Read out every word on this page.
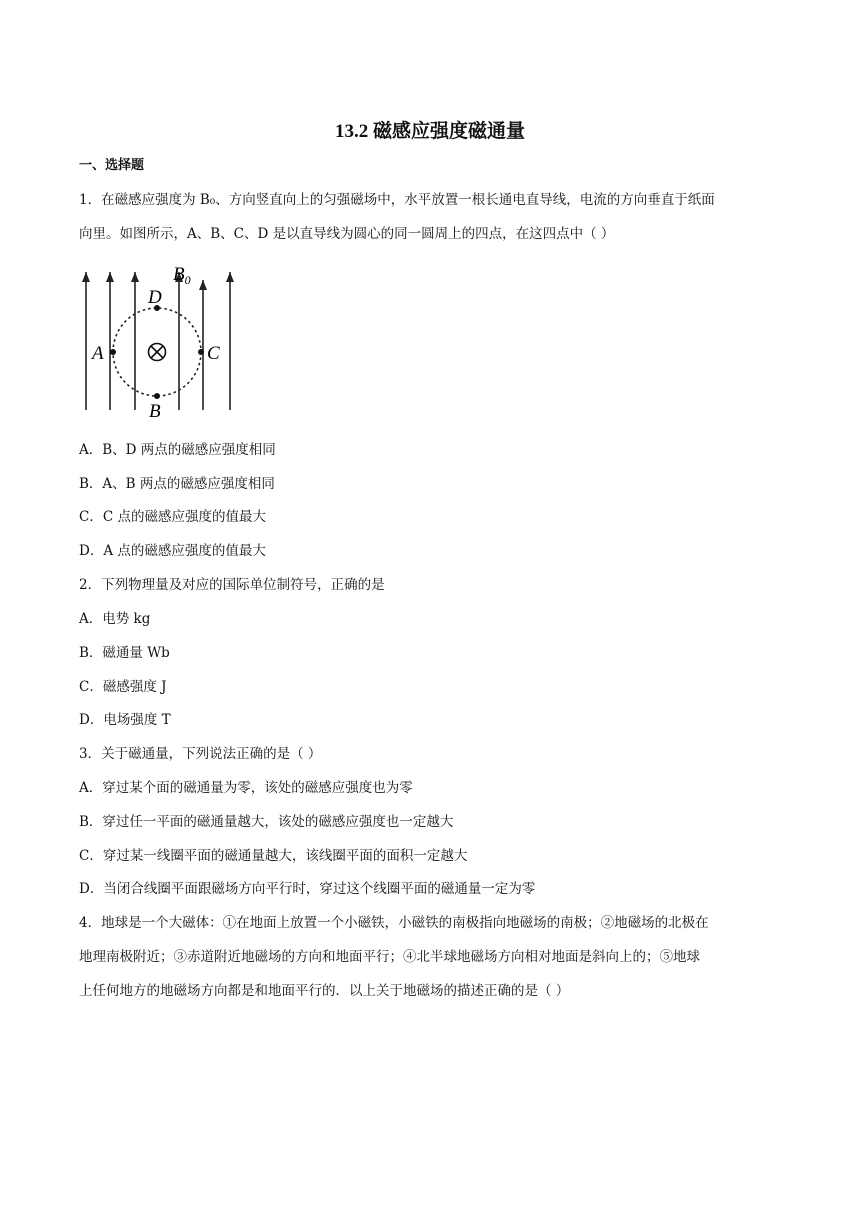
13.2 磁感应强度磁通量
一、选择题
1．在磁感应强度为 B₀、方向竖直向上的匀强磁场中，水平放置一根长通电直导线，电流的方向垂直于纸面
向里。如图所示，A、B、C、D 是以直导线为圆心的同一圆周上的四点，在这四点中（ ）
$B_0$
A	C
D
B
A．B、D 两点的磁感应强度相同
B．A、B 两点的磁感应强度相同
C．C 点的磁感应强度的值最大
D．A 点的磁感应强度的值最大
2．下列物理量及对应的国际单位制符号，正确的是
A．电势 kg
B．磁通量 Wb
C．磁感强度 J
D．电场强度 T
3．关于磁通量，下列说法正确的是（ ）
A．穿过某个面的磁通量为零，该处的磁感应强度也为零
B．穿过任一平面的磁通量越大，该处的磁感应强度也一定越大
C．穿过某一线圈平面的磁通量越大，该线圈平面的面积一定越大
D．当闭合线圈平面跟磁场方向平行时，穿过这个线圈平面的磁通量一定为零
4．地球是一个大磁体：①在地面上放置一个小磁铁，小磁铁的南极指向地磁场的南极；②地磁场的北极在
地理南极附近；③赤道附近地磁场的方向和地面平行；④北半球地磁场方向相对地面是斜向上的；⑤地球
上任何地方的地磁场方向都是和地面平行的．以上关于地磁场的描述正确的是（ ）
